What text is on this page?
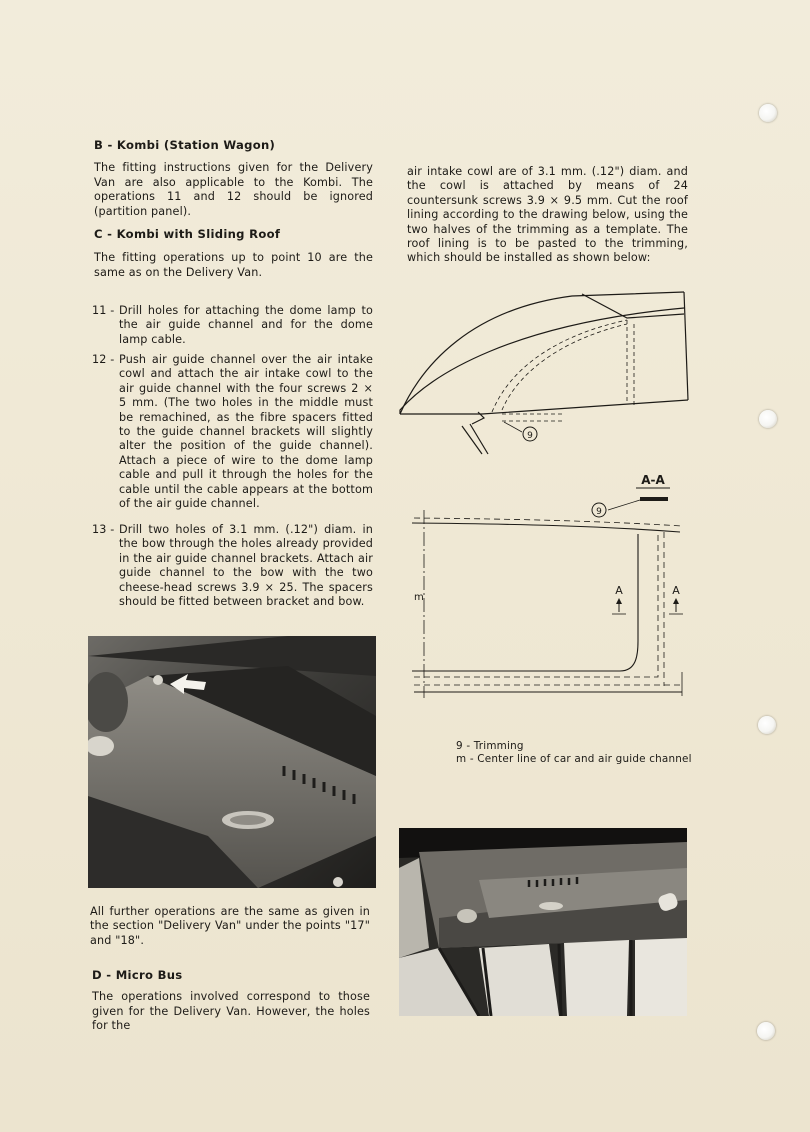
B - Kombi (Station Wagon)

The fitting instructions given for the Delivery Van are also applicable to the Kombi. The operations 11 and 12 should be ignored (partition panel).

C - Kombi with Sliding Roof

The fitting operations up to point 10 are the same as on the Delivery Van.

11 - Drill holes for attaching the dome lamp to the air guide channel and for the dome lamp cable.
12 - Push air guide channel over the air intake cowl and attach the air intake cowl to the air guide channel with the four screws 2 × 5 mm. (The two holes in the middle must be remachined, as the fibre spacers fitted to the guide channel brackets will slightly alter the position of the guide channel). Attach a piece of wire to the dome lamp cable and pull it through the holes for the cable until the cable appears at the bottom of the air guide channel.
13 - Drill two holes of 3.1 mm. (.12") diam. in the bow through the holes already provided in the air guide channel brackets. Attach air guide channel to the bow with the two cheese-head screws 3.9 × 25. The spacers should be fitted between bracket and bow.

All further operations are the same as given in the section "Delivery Van" under the points "17" and "18".

D - Micro Bus

The operations involved correspond to those given for the Delivery Van. However, the holes for the

air intake cowl are of 3.1 mm. (.12") diam. and the cowl is attached by means of 24 countersunk screws 3.9 × 9.5 mm. Cut the roof lining according to the drawing below, using the two halves of the trimming as a template. The roof lining is to be pasted to the trimming, which should be installed as shown below:

9
A-A
9
m
A	A
9 - Trimming
m - Center line of car and air guide channel
